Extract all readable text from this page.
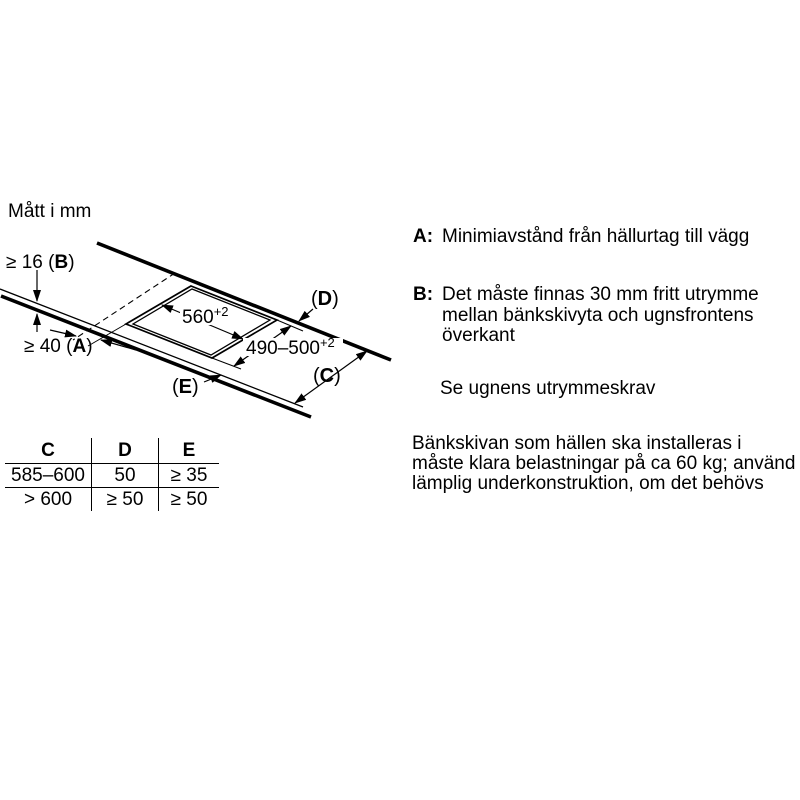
Mått i mm
≥ 16 (B)
≥ 40 (A)
(D)
(C)
(E)
$560^{+2}$
$490-500^{+2}$
C	D	E
585–600	50	≥ 35
> 600	≥ 50	≥ 50
A: Minimiavstånd från hällurtag till vägg
B: Det måste finnas 30 mm fritt utrymme
mellan bänkskivyta och ugnsfrontens
överkant
Se ugnens utrymmeskrav
Bänkskivan som hällen ska installeras i
måste klara belastningar på ca 60 kg; använd
lämplig underkonstruktion, om det behövs
